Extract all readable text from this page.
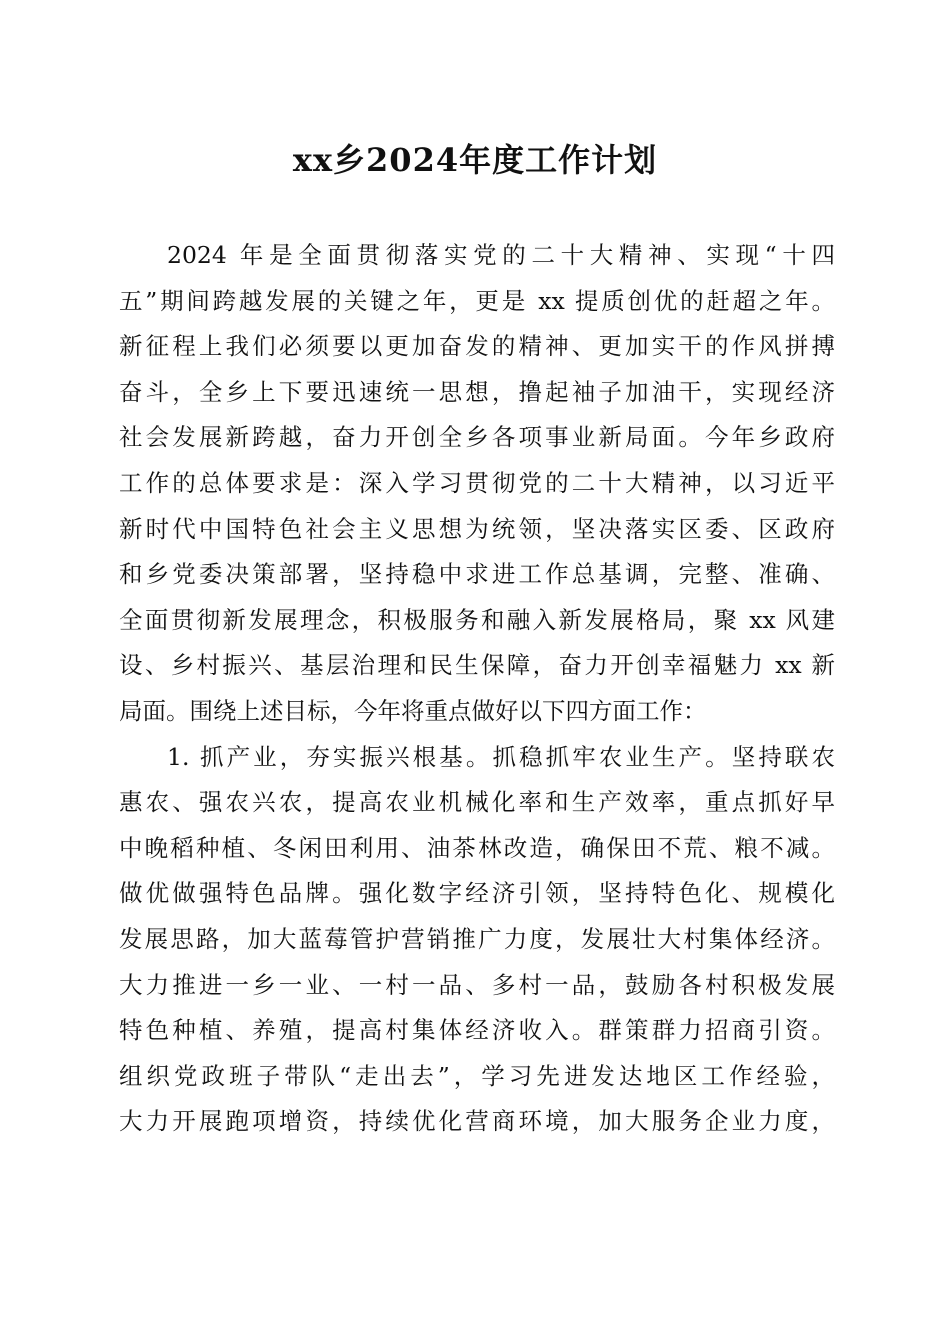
xx乡2024年度工作计划
2024 年是全面贯彻落实党的二十大精神、实现“十四
五”期间跨越发展的关键之年，更是 xx 提质创优的赶超之年。
新征程上我们必须要以更加奋发的精神、更加实干的作风拼搏
奋斗，全乡上下要迅速统一思想，撸起袖子加油干，实现经济
社会发展新跨越，奋力开创全乡各项事业新局面。今年乡政府
工作的总体要求是：深入学习贯彻党的二十大精神，以习近平
新时代中国特色社会主义思想为统领，坚决落实区委、区政府
和乡党委决策部署，坚持稳中求进工作总基调，完整、准确、
全面贯彻新发展理念，积极服务和融入新发展格局，聚 xx 风建
设、乡村振兴、基层治理和民生保障，奋力开创幸福魅力 xx 新
局面。围绕上述目标，今年将重点做好以下四方面工作：
1. 抓产业，夯实振兴根基。抓稳抓牢农业生产。坚持联农
惠农、强农兴农，提高农业机械化率和生产效率，重点抓好早
中晚稻种植、冬闲田利用、油茶林改造，确保田不荒、粮不减。
做优做强特色品牌。强化数字经济引领，坚持特色化、规模化
发展思路，加大蓝莓管护营销推广力度，发展壮大村集体经济。
大力推进一乡一业、一村一品、多村一品，鼓励各村积极发展
特色种植、养殖，提高村集体经济收入。群策群力招商引资。
组织党政班子带队“走出去”，学习先进发达地区工作经验，
大力开展跑项增资，持续优化营商环境，加大服务企业力度，
